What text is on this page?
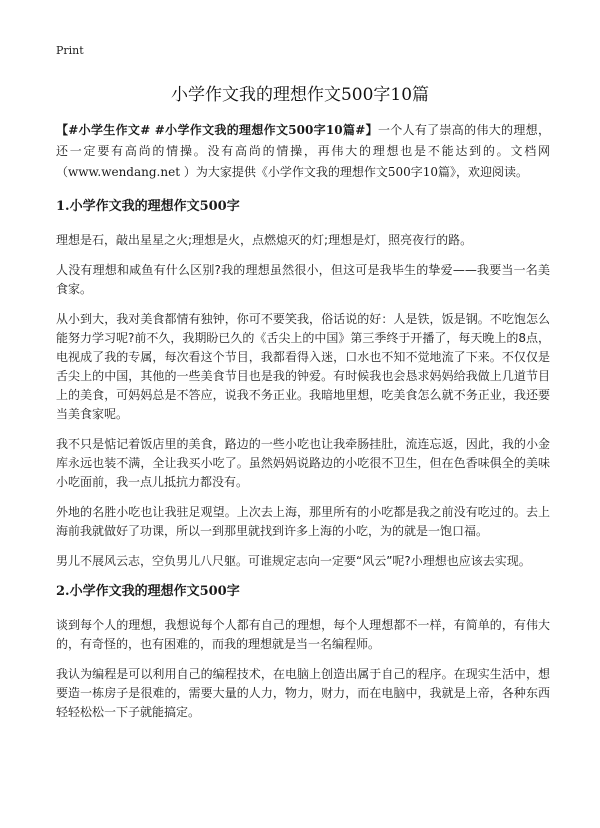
Print
小学作文我的理想作文500字10篇

【#小学生作文# #小学作文我的理想作文500字10篇#】一个人有了崇高的伟大的理想，还一定要有高尚的情操。没有高尚的情操，再伟大的理想也是不能达到的。文档网（www.wendang.net ）为大家提供《小学作文我的理想作文500字10篇》，欢迎阅读。

1.小学作文我的理想作文500字

理想是石，敲出星星之火;理想是火，点燃熄灭的灯;理想是灯，照亮夜行的路。

人没有理想和咸鱼有什么区别?我的理想虽然很小，但这可是我毕生的挚爱——我要当一名美食家。

从小到大，我对美食都情有独钟，你可不要笑我，俗话说的好：人是铁，饭是钢。不吃饱怎么能努力学习呢?前不久，我期盼已久的《舌尖上的中国》第三季终于开播了，每天晚上的8点，电视成了我的专属，每次看这个节目，我都看得入迷，口水也不知不觉地流了下来。不仅仅是舌尖上的中国，其他的一些美食节目也是我的钟爱。有时候我也会恳求妈妈给我做上几道节目上的美食，可妈妈总是不答应，说我不务正业。我暗地里想，吃美食怎么就不务正业，我还要当美食家呢。

我不只是惦记着饭店里的美食，路边的一些小吃也让我牵肠挂肚，流连忘返，因此，我的小金库永远也装不满，全让我买小吃了。虽然妈妈说路边的小吃很不卫生，但在色香味俱全的美味小吃面前，我一点儿抵抗力都没有。

外地的名胜小吃也让我驻足观望。上次去上海，那里所有的小吃都是我之前没有吃过的。去上海前我就做好了功课，所以一到那里就找到许多上海的小吃，为的就是一饱口福。

男儿不展风云志，空负男儿八尺躯。可谁规定志向一定要“风云”呢?小理想也应该去实现。

2.小学作文我的理想作文500字

谈到每个人的理想，我想说每个人都有自己的理想，每个人理想都不一样，有简单的，有伟大的，有奇怪的，也有困难的，而我的理想就是当一名编程师。

我认为编程是可以利用自己的编程技术，在电脑上创造出属于自己的程序。在现实生活中，想要造一栋房子是很难的，需要大量的人力，物力，财力，而在电脑中，我就是上帝，各种东西轻轻松松一下子就能搞定。
